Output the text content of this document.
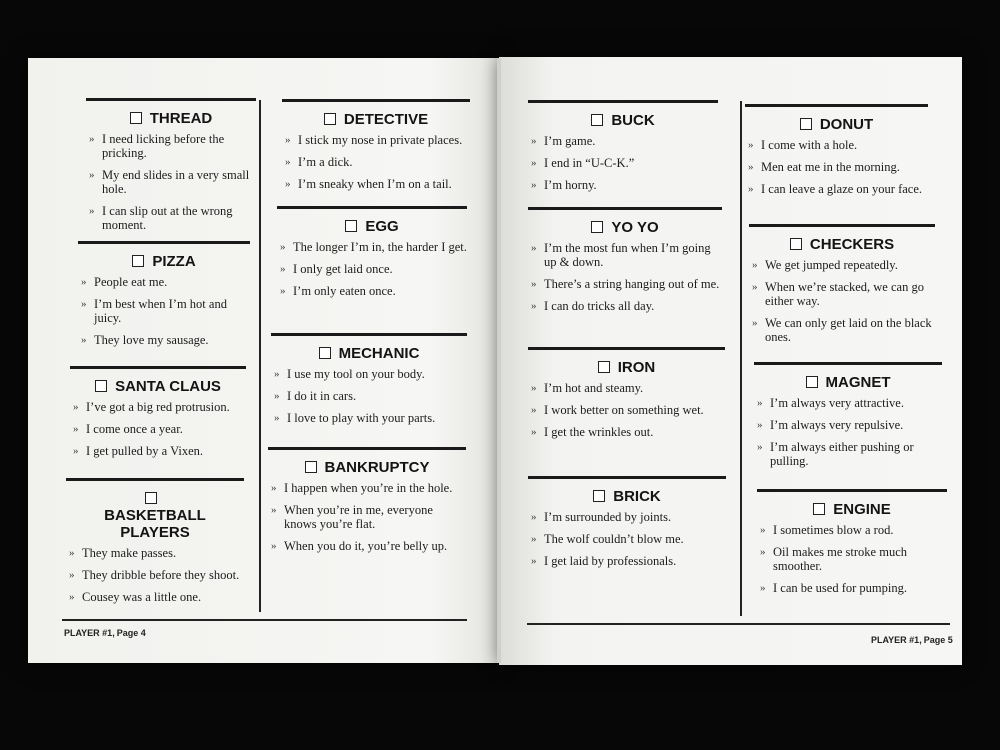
PLAYER #1, Page 4
PLAYER #1, Page 5
THREAD
» I need licking before the pricking.
» My end slides in a very small hole.
» I can slip out at the wrong moment.
PIZZA
» People eat me.
» I’m best when I’m hot and juicy.
» They love my sausage.
SANTA CLAUS
» I’ve got a big red protrusion.
» I come once a year.
» I get pulled by a Vixen.
BASKETBALL PLAYERS
» They make passes.
» They dribble before they shoot.
» Cousey was a little one.
DETECTIVE
» I stick my nose in private places.
» I’m a dick.
» I’m sneaky when I’m on a tail.
EGG
» The longer I’m in, the harder I get.
» I only get laid once.
» I’m only eaten once.
MECHANIC
» I use my tool on your body.
» I do it in cars.
» I love to play with your parts.
BANKRUPTCY
» I happen when you’re in the hole.
» When you’re in me, everyone knows you’re flat.
» When you do it, you’re belly up.
BUCK
» I’m game.
» I end in “U-C-K.”
» I’m horny.
YO YO
» I’m the most fun when I’m going up & down.
» There’s a string hanging out of me.
» I can do tricks all day.
IRON
» I’m hot and steamy.
» I work better on something wet.
» I get the wrinkles out.
BRICK
» I’m surrounded by joints.
» The wolf couldn’t blow me.
» I get laid by professionals.
DONUT
» I come with a hole.
» Men eat me in the morning.
» I can leave a glaze on your face.
CHECKERS
» We get jumped repeatedly.
» When we’re stacked, we can go either way.
» We can only get laid on the black ones.
MAGNET
» I’m always very attractive.
» I’m always very repulsive.
» I’m always either pushing or pulling.
ENGINE
» I sometimes blow a rod.
» Oil makes me stroke much smoother.
» I can be used for pumping.
